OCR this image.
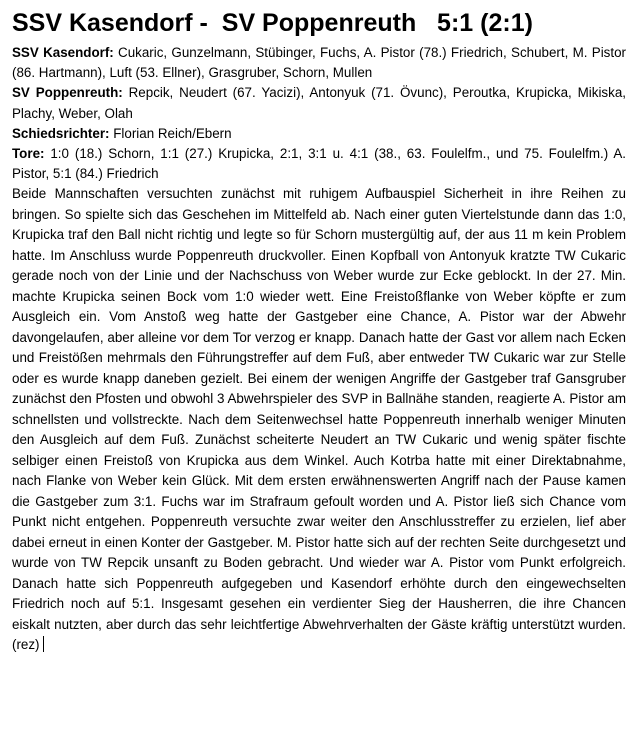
SSV Kasendorf -  SV Poppenreuth   5:1 (2:1)

SSV Kasendorf: Cukaric, Gunzelmann, Stübinger, Fuchs, A. Pistor (78.) Friedrich, Schubert, M. Pistor (86. Hartmann), Luft (53. Ellner), Grasgruber, Schorn, Mullen

SV Poppenreuth: Repcik, Neudert (67. Yacizi), Antonyuk (71. Övunc), Peroutka, Krupicka, Mikiska, Plachy, Weber, Olah

Schiedsrichter: Florian Reich/Ebern

Tore: 1:0 (18.) Schorn, 1:1 (27.) Krupicka, 2:1, 3:1 u. 4:1 (38., 63. Foulelfm., und 75. Foulelfm.) A. Pistor, 5:1 (84.) Friedrich

Beide Mannschaften versuchten zunächst mit ruhigem Aufbauspiel Sicherheit in ihre Reihen zu bringen. So spielte sich das Geschehen im Mittelfeld ab. Nach einer guten Viertelstunde dann das 1:0, Krupicka traf den Ball nicht richtig und legte so für Schorn mustergültig auf, der aus 11 m kein Problem hatte. Im Anschluss wurde Poppenreuth druckvoller. Einen Kopfball von Antonyuk kratzte TW Cukaric gerade noch von der Linie und der Nachschuss von Weber wurde zur Ecke geblockt. In der 27. Min. machte Krupicka seinen Bock vom 1:0 wieder wett. Eine Freistoßflanke von Weber köpfte er zum Ausgleich ein. Vom Anstoß weg hatte der Gastgeber eine Chance, A. Pistor war der Abwehr davongelaufen, aber alleine vor dem Tor verzog er knapp. Danach hatte der Gast vor allem nach Ecken und Freistößen mehrmals den Führungstreffer auf dem Fuß, aber entweder TW Cukaric war zur Stelle oder es wurde knapp daneben gezielt. Bei einem der wenigen Angriffe der Gastgeber traf Gansgruber zunächst den Pfosten und obwohl 3 Abwehrspieler des SVP in Ballnähe standen, reagierte A. Pistor am schnellsten und vollstreckte. Nach dem Seitenwechsel hatte Poppenreuth innerhalb weniger Minuten den Ausgleich auf dem Fuß. Zunächst scheiterte Neudert an TW Cukaric und wenig später fischte selbiger einen Freistoß von Krupicka aus dem Winkel. Auch Kotrba hatte mit einer Direktabnahme, nach Flanke von Weber kein Glück. Mit dem ersten erwähnenswerten Angriff nach der Pause kamen die Gastgeber zum 3:1. Fuchs war im Strafraum gefoult worden und A. Pistor ließ sich Chance vom Punkt nicht entgehen. Poppenreuth versuchte zwar weiter den Anschlusstreffer zu erzielen, lief aber dabei erneut in einen Konter der Gastgeber. M. Pistor hatte sich auf der rechten Seite durchgesetzt und wurde von TW Repcik unsanft zu Boden gebracht. Und wieder war A. Pistor vom Punkt erfolgreich. Danach hatte sich Poppenreuth aufgegeben und Kasendorf erhöhte durch den eingewechselten Friedrich noch auf 5:1. Insgesamt gesehen ein verdienter Sieg der Hausherren, die ihre Chancen eiskalt nutzten, aber durch das sehr leichtfertige Abwehrverhalten der Gäste kräftig unterstützt wurden. (rez)
